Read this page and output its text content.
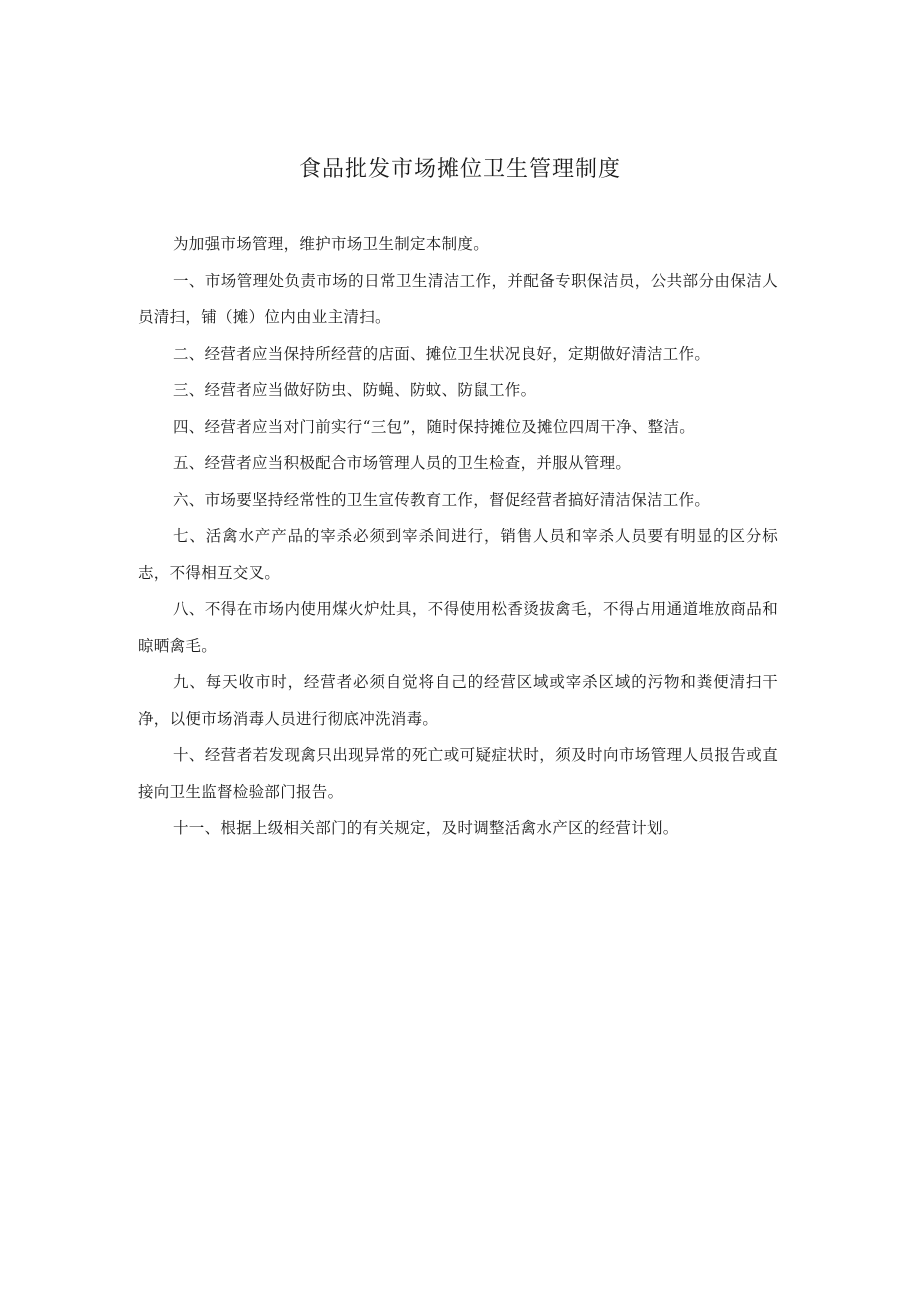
食品批发市场摊位卫生管理制度

为加强市场管理，维护市场卫生制定本制度。

一、市场管理处负责市场的日常卫生清洁工作，并配备专职保洁员，公共部分由保洁人员清扫，铺（摊）位内由业主清扫。

二、经营者应当保持所经营的店面、摊位卫生状况良好，定期做好清洁工作。

三、经营者应当做好防虫、防蝇、防蚊、防鼠工作。

四、经营者应当对门前实行“三包”，随时保持摊位及摊位四周干净、整洁。

五、经营者应当积极配合市场管理人员的卫生检查，并服从管理。

六、市场要坚持经常性的卫生宣传教育工作，督促经营者搞好清洁保洁工作。

七、活禽水产产品的宰杀必须到宰杀间进行，销售人员和宰杀人员要有明显的区分标志，不得相互交叉。

八、不得在市场内使用煤火炉灶具，不得使用松香烫拔禽毛，不得占用通道堆放商品和晾晒禽毛。

九、每天收市时，经营者必须自觉将自己的经营区域或宰杀区域的污物和粪便清扫干净，以便市场消毒人员进行彻底冲洗消毒。

十、经营者若发现禽只出现异常的死亡或可疑症状时，须及时向市场管理人员报告或直接向卫生监督检验部门报告。

十一、根据上级相关部门的有关规定，及时调整活禽水产区的经营计划。
